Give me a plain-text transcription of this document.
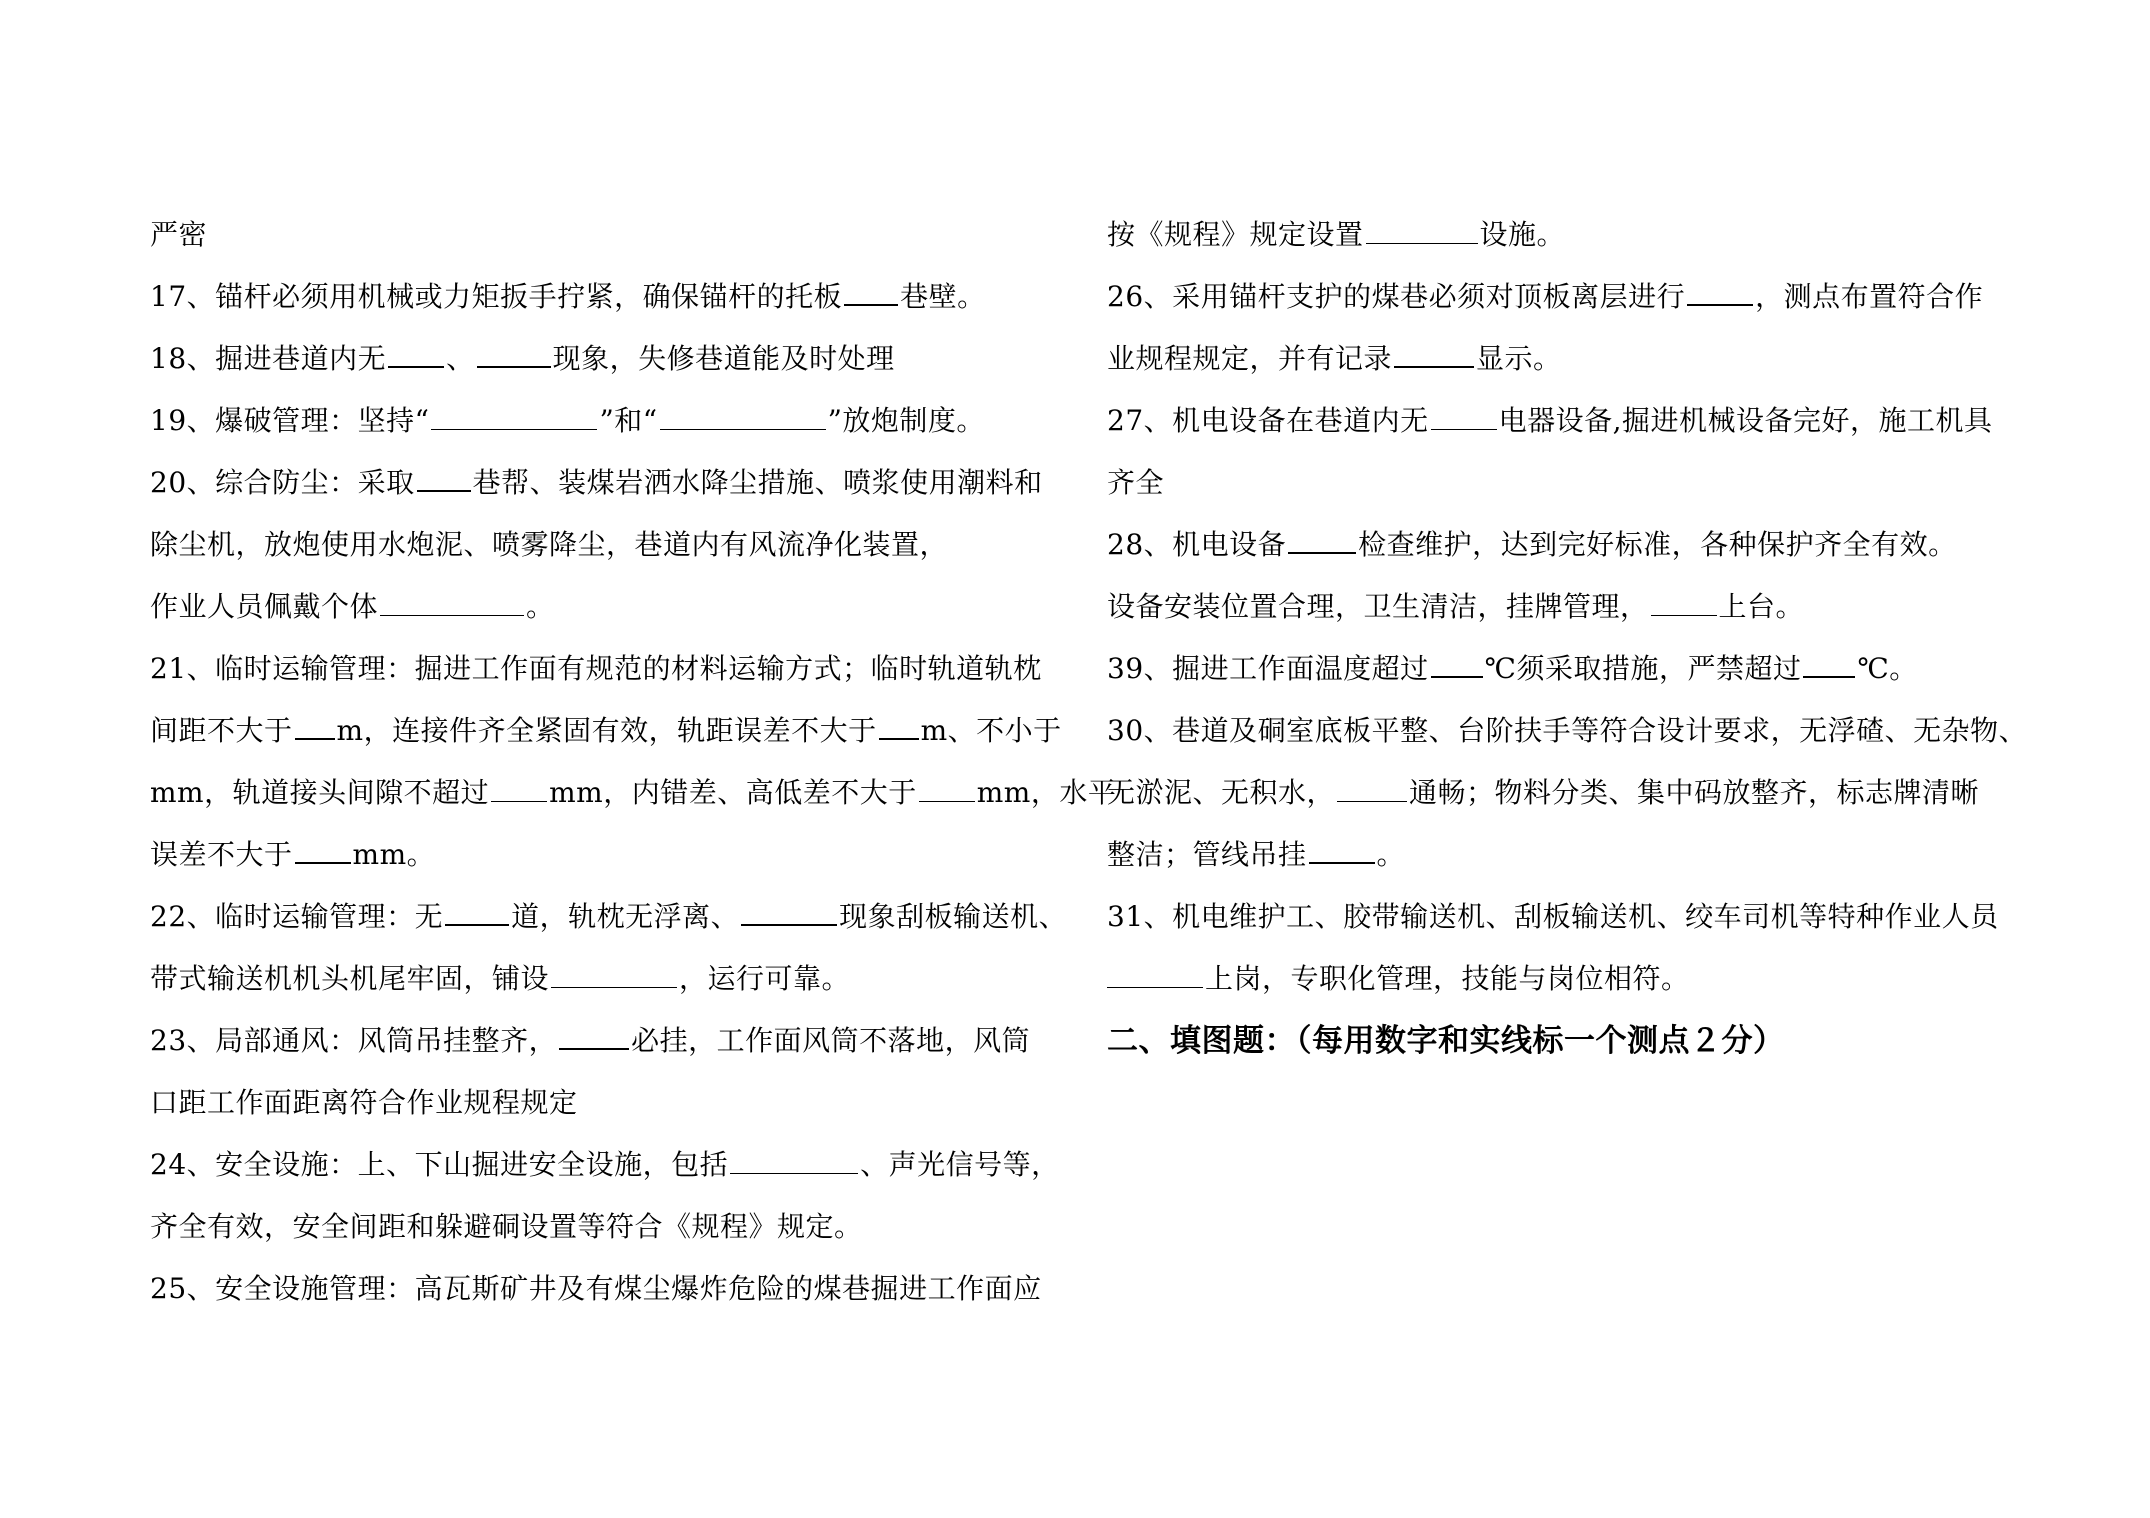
严密
17、锚杆必须用机械或力矩扳手拧紧，确保锚杆的托板 巷壁。
18、掘进巷道内无 、	现象，失修巷道能及时处理
19、爆破管理：坚持“	”和“	”放炮制度。
20、综合防尘：采取 巷帮、装煤岩洒水降尘措施、喷浆使用潮料和
除尘机，放炮使用水炮泥、喷雾降尘，巷道内有风流净化装置，
作业人员佩戴个体	。
21、临时运输管理：掘进工作面有规范的材料运输方式；临时轨道轨枕
间距不大于 m，连接件齐全紧固有效，轨距误差不大于 m、不小于
mm，轨道接头间隙不超过 mm，内错差、高低差不大于 mm，水平
误差不大于 mm。
22、临时运输管理：无 道，轨枕无浮离、	现象刮板输送机、
带式输送机机头机尾牢固，铺设	，运行可靠。
23、局部通风：风筒吊挂整齐，	必挂，工作面风筒不落地，风筒
口距工作面距离符合作业规程规定
24、安全设施：上、下山掘进安全设施，包括	、声光信号等，
齐全有效，安全间距和躲避硐设置等符合《规程》规定。
25、安全设施管理：高瓦斯矿井及有煤尘爆炸危险的煤巷掘进工作面应
按《规程》规定设置	设施。
26、采用锚杆支护的煤巷必须对顶板离层进行	，测点布置符合作
业规程规定，并有记录	显示。
27、机电设备在巷道内无	电器设备,掘进机械设备完好，施工机具
齐全
28、机电设备	检查维护，达到完好标准，各种保护齐全有效。
设备安装位置合理，卫生清洁，挂牌管理，	上台。
39、掘进工作面温度超过 ℃须采取措施，严禁超过 ℃。
30、巷道及硐室底板平整、台阶扶手等符合设计要求，无浮碴、无杂物、
无淤泥、无积水，	通畅；物料分类、集中码放整齐，标志牌清晰
整洁；管线吊挂	。
31、机电维护工、胶带输送机、刮板输送机、绞车司机等特种作业人员
上岗，专职化管理，技能与岗位相符。
二、填图题：（每用数字和实线标一个测点２分）
